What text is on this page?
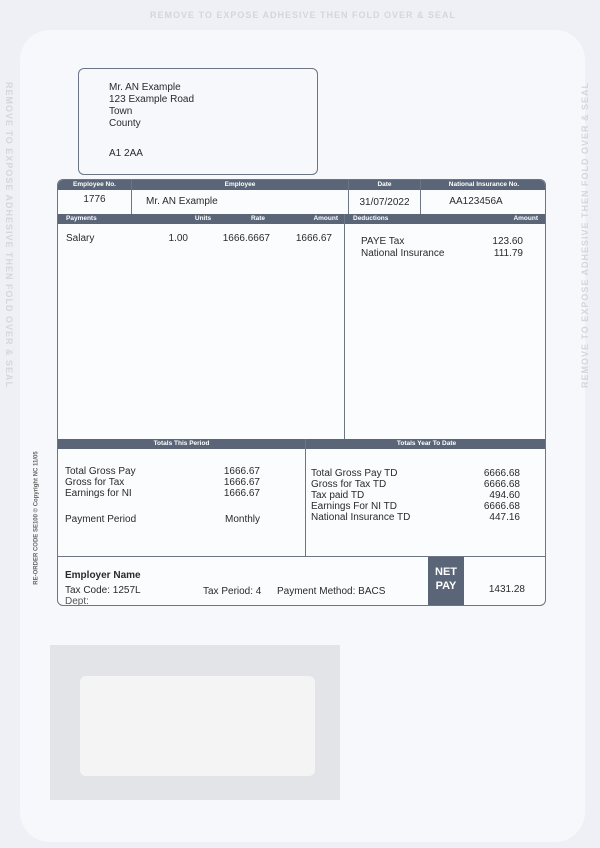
REMOVE TO EXPOSE ADHESIVE THEN FOLD OVER & SEAL
REMOVE TO EXPOSE ADHESIVE THEN FOLD OVER & SEAL	REMOVE TO EXPOSE ADHESIVE THEN FOLD OVER & SEAL
RE-ORDER CODE SE100 © Copyright NC 11/05
Mr. AN Example
123 Example Road
Town
County
A1 2AA
Employee No.	Employee	Date	National Insurance No.
1776	Mr. AN Example	31/07/2022	AA123456A
Payments	Units	Rate	Amount	Deductions	Amount
Salary	1.00	1666.6667	1666.67	PAYE Tax	123.60
National Insurance	111.79
Totals This Period	Totals Year To Date
Total Gross Pay	1666.67
Gross for Tax	1666.67
Earnings for NI	1666.67
Payment Period	Monthly
Total Gross Pay TD	6666.68
Gross for Tax TD	6666.68
Tax paid TD	494.60
Earnings For NI TD	6666.68
National Insurance TD	447.16
Employer Name
Tax Code: 1257L
Dept:
Tax Period: 4 Payment Method: BACS
NET
PAY	1431.28
